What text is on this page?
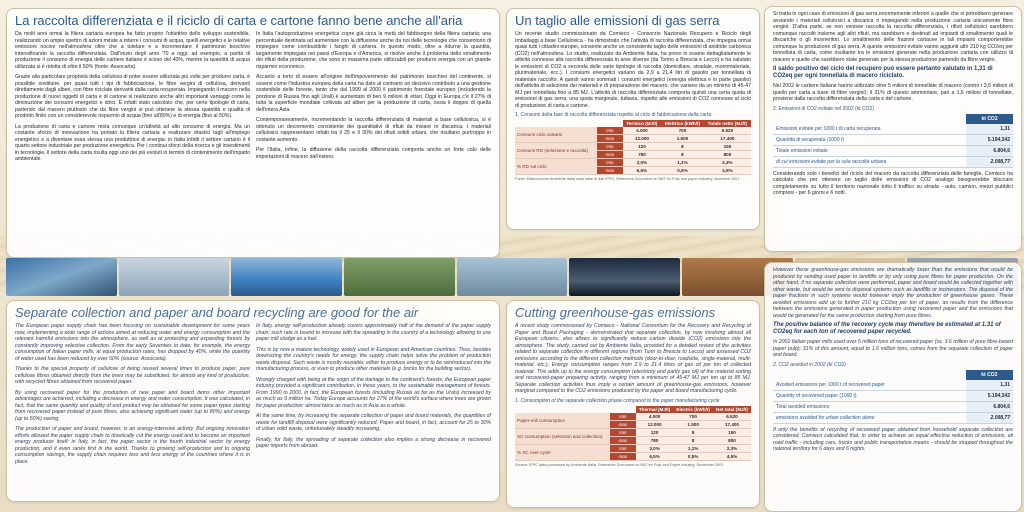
La raccolta differenziata e il riciclo di carta e cartone fanno bene anche all'aria

Da molti anni ormai la filiera cartaria europea ha fatto proprio l'obiettivo dello sviluppo sostenibile, realizzando un ampio spettro di azioni mirate a ridurre i consumi di acqua, quelli energetici e le relative emissioni nocive nell'atmosfera oltre che a tutelare e a incrementare il patrimonio boschivo intensificando la raccolta differenziata. Dall'inizio degli anni '70 a oggi, ad esempio, a parità di produzione il consumo di energia delle cartiere italiane è sceso del 40%, mentre la quantità di acqua utilizzata si è ridotta di oltre il 50% (fonte: Assocarta).

Grazie alla particolare proprietà della cellulosa di poter essere utilizzata più volte per produrre carta, è possibile sostituire, per quasi tutti i tipi di fabbricazione, le fibre vergini di cellulosa, derivanti direttamente dagli alberi, con fibre riciclate derivanti dalla carta recuperata. Impiegando il macero nella produzione di nuovi oggetti di carta e di cartone si realizzano anche altri importanti vantaggi come la diminuzione dei consumi energetici e idrici. È infatti stato calcolato che, per certe tipologie di carta, partendo dal macero piuttosto che da fibre vergini si può ottenere la stessa quantità e qualità di prodotto finito con un considerevole risparmio di acqua (fino all'80%) e di energia (fino al 50%).

La produzione di carta e cartone resta comunque un'attività ad alto consumo di energia. Ma un costante sforzo di innovazione ha portato la filiera cartaria a realizzare drastici tagli all'impiego energetico e a diventare essa stessa una produttrice di energia: in Italia infatti il settore cartario è il quarto settore industriale per produzione energetica. Per i continui sforzi della ricerca e gli investimenti in tecnologie, il settore della carta risulta oggi uno dei più evoluti in termini di contenimento dell'impatto ambientale.

In Italia l'autoproduzione energetica copre già circa la metà del fabbisogno della filiera cartaria; una percentuale destinata ad aumentare con la diffusione anche da noi delle tecnologie che consentono di impiegare come combustibile i fanghi di cartiera. In questo modo, oltre a ridurne la quantità, largamente impiegata nei paesi d'Europa e d'America, si risolve anche il problema dello smaltimento dei rifiuti della produzione, che sono in massima parte utilizzabili per produrre energia con un grande risparmio economico.

Accanto a torto di essere all'origine dell'impoverimento del patrimonio boschivo del continente, si osservi come l'industria europea della carta ha dato al contrario un decisivo contributo a una gestione sostenibile delle foreste, tanto che dal 1990 al 2000 il patrimonio forestale europeo (includendo la porzione di Russia fino agli Urali) è aumentato di ben 9 milioni di ettari. Oggi in Europa c'è il 27% di tutta la superficie mondiale coltivata ad alberi per la produzione di carta, ossia il doppio di quella dell'intera Asia.

Contemporaneamente, incrementando la raccolta differenziata di materiali a base cellulosica, si è ottenuto un decremento consistente dei quantitativi di rifiuti da inviare in discarica. I materiali cellulosici rappresentano infatti tra il 25 e il 30% dei rifiuti solidi urbani, che risultano purtroppo in costante aumento.

Per l'Italia, infine, la diffusione della raccolta differenziata comporta anche un forte calo delle importazioni di macero dall'estero.

Un taglio alle emissioni di gas serra

Un recente studio commissionato da Comieco - Consorzio Nazionale Recupero e Riciclo degli Imballaggi a base Cellulosica - ha dimostrato che l'attività di raccolta differenziata, che impegna ormai quasi tutti i cittadini europei, consente anche un consistente taglio delle emissioni di anidride carbonica (CO2) nell'atmosfera. Lo studio, realizzato da Ambiente Italia, ha preso in esame dettagliatamente le attività connesse alla raccolta differenziata in aree diverse (da Torino a Brescia e Lecco) e ha valutato le emissioni di CO2 a seconda delle varie tipologie di raccolta (domiciliare, stradale, monomateriale, plurimateriale, ecc.). I consumi energetici variano da 2,9 a 21,4 litri di gasolio per tonnellata di materiale raccolto. A questi vanno sommati i consumi energetici (energia elettrica e in parte gasolio) dell'attività di selezione dei materiali e di preparazione del macero, che variano da un minimo di 45-47 MJ per tonnellata fino a 85 MJ. L'attività di raccolta differenziata comporta quindi una certa quota di emissioni di gas serra; una quota marginale, tuttavia, rispetto alle emissioni di CO2 connesse al ciclo di produzione di carta e cartone.

1. Consumi della fase di raccolta differenziata rispetto al ciclo di fabbricazione della carta
		Termico (MJ/t)	Elettrico (kWh/t)	Totale netto (MJ/t)
Consumi ciclo cartario	min	4.000	700	6.520
	max	12.000	1.500	17.400
Consumi RD (selezione e raccolta)	min	120	8	150
	max	780	8	800
% RD sul ciclo	min	3,0%	1,1%	2,3%
	max	6,5%	0,5%	4,6%
Fonte: Elaborazione Ambiente Italia sulla base di dati IPPC, Reference Document on BAT for Pulp and paper Industry, dicembre 2001

Si tratta in ogni caso di emissioni di gas serra enormemente inferiori a quelle che si potrebbero generare avviando i materiali cellulosici a discarica o impiegando nella produzione cartaria unicamente fibre vergini. D'altra parte, se non venisse raccolta la raccolta differenziata, i rifiuti cellulosici sarebbero comunque raccolti insieme agli altri rifiuti, ma sarebbero e destinati ad impianti di smaltimento quali le discariche o gli inceneritori. Lo smaltimento delle frazioni cartacee in tali impianti comporterebbe comunque la produzione di gas serra. A queste emissioni evitate vanno aggiunti altri 210 kg CO2eq per tonnellata di carta, come risultante tra le emissioni generate nella produzione cartaria con utilizzo di macero e quelle che sarebbero state generate per la stessa produzione partendo da fibre vergini.

Il saldo positivo del ciclo del recupero può essere pertanto valutato in 1,31 di CO2eq per ogni tonnellata di macero riciclato.

Nel 2002 le cartiere italiane hanno utilizzato oltre 5 milioni di tonnellate di macero (contro i 3,6 milioni di quello per carta a base di fibre vergini); il 31% di questo ammontare, pari a 1,6 milioni di tonnellate, proviene dalla raccolta differenziata della carta e del cartone.

2. Emissioni di CO2 evitate nel 2002 (kt CO2)
	kt CO2
Emissioni evitate per 1000 t di carta recuperata	1,31
Quantità di recuperata (1000 t)	5.194,342
Totale emissioni evitate	6.804,6
di cui emissioni evitate per la sola raccolta urbana	2.098,77

Considerando solo i benefici del riciclo del macero da raccolta differenziata delle famiglie, Comieco ha calcolato che per ottenere un taglio delle emissioni di CO2 analogo bisognerebbe bloccare completamente su tutto il territorio nazionale tutto il traffico su strada - auto, camion, mezzi pubblici compresi - per 6 giorni e 6 notti.

Separate collection and paper and board recycling are good for the air

The European paper supply chain has been focusing on sustainable development for some years now, implementing a wide range of actions aimed at reducing water and energy consumption and the relevant harmful emissions into the atmosphere, as well as at protecting and expanding forests by constantly improving selective collection. From the early Seventies to date, for example, the energy consumption of Italian paper mills, at equal production rates, has dropped by 40%, while the quantity of water used has been reduced by over 50% (source: Assocarta).

Thanks to the special property of cellulose of being reused several times to produce paper, pure cellulose fibres obtained directly from the trees may be substituted, for almost any kind of production, with recycled fibres obtained from recovered paper.

By using recovered paper for the production of new paper and board items other important advantages are achieved, including a decrease in energy and water consumption. It was calculated, in fact, that the same quantity and quality of end product may be obtained for some paper types starting from recovered paper instead of pure fibres, also achieving significant water (up to 80%) and energy (up to 50%) saving.

The production of paper and board, however, is an energy-intensive activity. But ongoing innovation efforts allowed the paper supply chain to drastically cut the energy used and to become an important energy producer itself: in Italy, in fact, the paper sector is the fourth industrial sector by energy production, and it even ranks first in the world. Thanks to growing self-production and to ongoing consumption savings, the supply chain requires less and less energy of the countries where it is in place.

In Italy, energy self-production already covers approximately half of the demand of the paper supply chain; such rate is bound to increase with the spreading in the country of a technology allowing to use paper mill sludge as a fuel.

This is by now a mature technology, widely used in European and American countries. Thus, besides downsizing the country's needs for energy, the supply chain helps solve the problem of production waste disposal. Such waste is mostly reusable, either to produce energy or to be reintroduced into the manufacturing process, or even to produce other materials (e.g. bricks for the building sector).

Wrongly charged with being at the origin of the damage to the continent's forests, the European paper industry provided a significant contribution, in these years, to the sustainable management of forests. From 1990 to 2000, in fact, the European forests (including Russia as far as the Urals) increased by as much as 9 million ha. Today Europe accounts for 27% of the world's surface where trees are grown for paper production: almost twice as much as in Asia as a whole.

At the same time, by increasing the separate collection of paper and board materials, the quantities of waste for landfill disposal were significantly reduced. Paper and board, in fact, account for 25 to 30% of urban solid waste, unfortunately steadily increasing.

Finally, for Italy, the spreading of separate collection also implies a strong decrease in recovered paper imports from abroad.

Cutting greenhouse-gas emissions

A recent study commissioned by Comieco - National Consortium for the Recovery and Recycling of Paper and Board Packaging - demonstrated that separate collection, by now involving almost all European citizens, also allows to significantly reduce carbon dioxide (CO2) emissions into the atmosphere. The study, carried out by Ambiente Italia, provided for a detailed review of the activities related to separate collection in different regions (from Turin to Brescia to Lecco) and assessed CO2 emissions according to the different collection methods (door-to-door, roadside, single-material, multi-material, etc.). Energy consumption ranges from 2.9 to 21.4 litres of gas oil per ton of collected material. This adds up to the energy consumption (electricity and partly gas oil) of the material sorting and recovered-paper preparing activity, ranging from a minimum of 45-47 MJ per ton up to 85 MJ. Separate collection activities thus imply a certain amount of greenhouse-gas emissions, however marginal compared to the CO2 emissions produced by the paper and board manufacturing cycle.

1. Consumption of the separate collection phase compared to the paper manufacturing cycle
		Thermal (MJ/t)	Electric (kWh/t)	Net total (MJ/t)
Paper-mill consumption	min	4.000	700	6.520
	max	12.000	1.500	17.400
SC consumption (selection and collection)	min	120	8	150
	max	780	8	800
% SC over cycle	min	3,0%	1,1%	2,3%
	max	6,5%	0,5%	4,6%
Source: IPPC data processed by Ambiente Italia, Reference Document on BAT for Pulp and Paper Industry, December 2001

However these greenhouse-gas emissions are dramatically lower than the emissions that would be produced by sending used paper to landfills or by only using pure fibres for paper production. On the other hand, if no separate collection were performed, paper and board would be collected together with other waste, but would be sent to disposal systems such as landfills or incinerators. The disposal of the paper fractions in such systems would however imply the production of greenhouse gases. These avoided emissions add up to further 210 kg CO2eq per ton of paper, as results from the difference between the emissions generated in paper production using recovered paper and the emissions that would be generated for the same production starting from pure fibres.

The positive balance of the recovery cycle may therefore be estimated at 1.31 of CO2eq for each ton of recovered paper recycled.

In 2002 Italian paper mills used over 5 million tons of recovered paper (vs. 3.6 million of pure fibre-based paper pulp); 31% of this amount, equal to 1.6 million tons, comes from the separate collection of paper and board.

2. CO2 avoided in 2002 (kt CO2)
	kt CO2
Avoided emissions per 1000 t of recovered paper	1,31
Quantity of recovered paper (1000 t)	5.194,342
Total avoided emissions	6.804,6
emissions avoided for urban collection alone	2.098,77

If only the benefits of recycling of recovered paper obtained from household separate collection are considered, Comieco calculated that, in order to achieve an equal effective reduction of emissions, all road traffic - including cars, trucks and public transportation means - should be stopped throughout the national territory for 6 days and 6 nights.
